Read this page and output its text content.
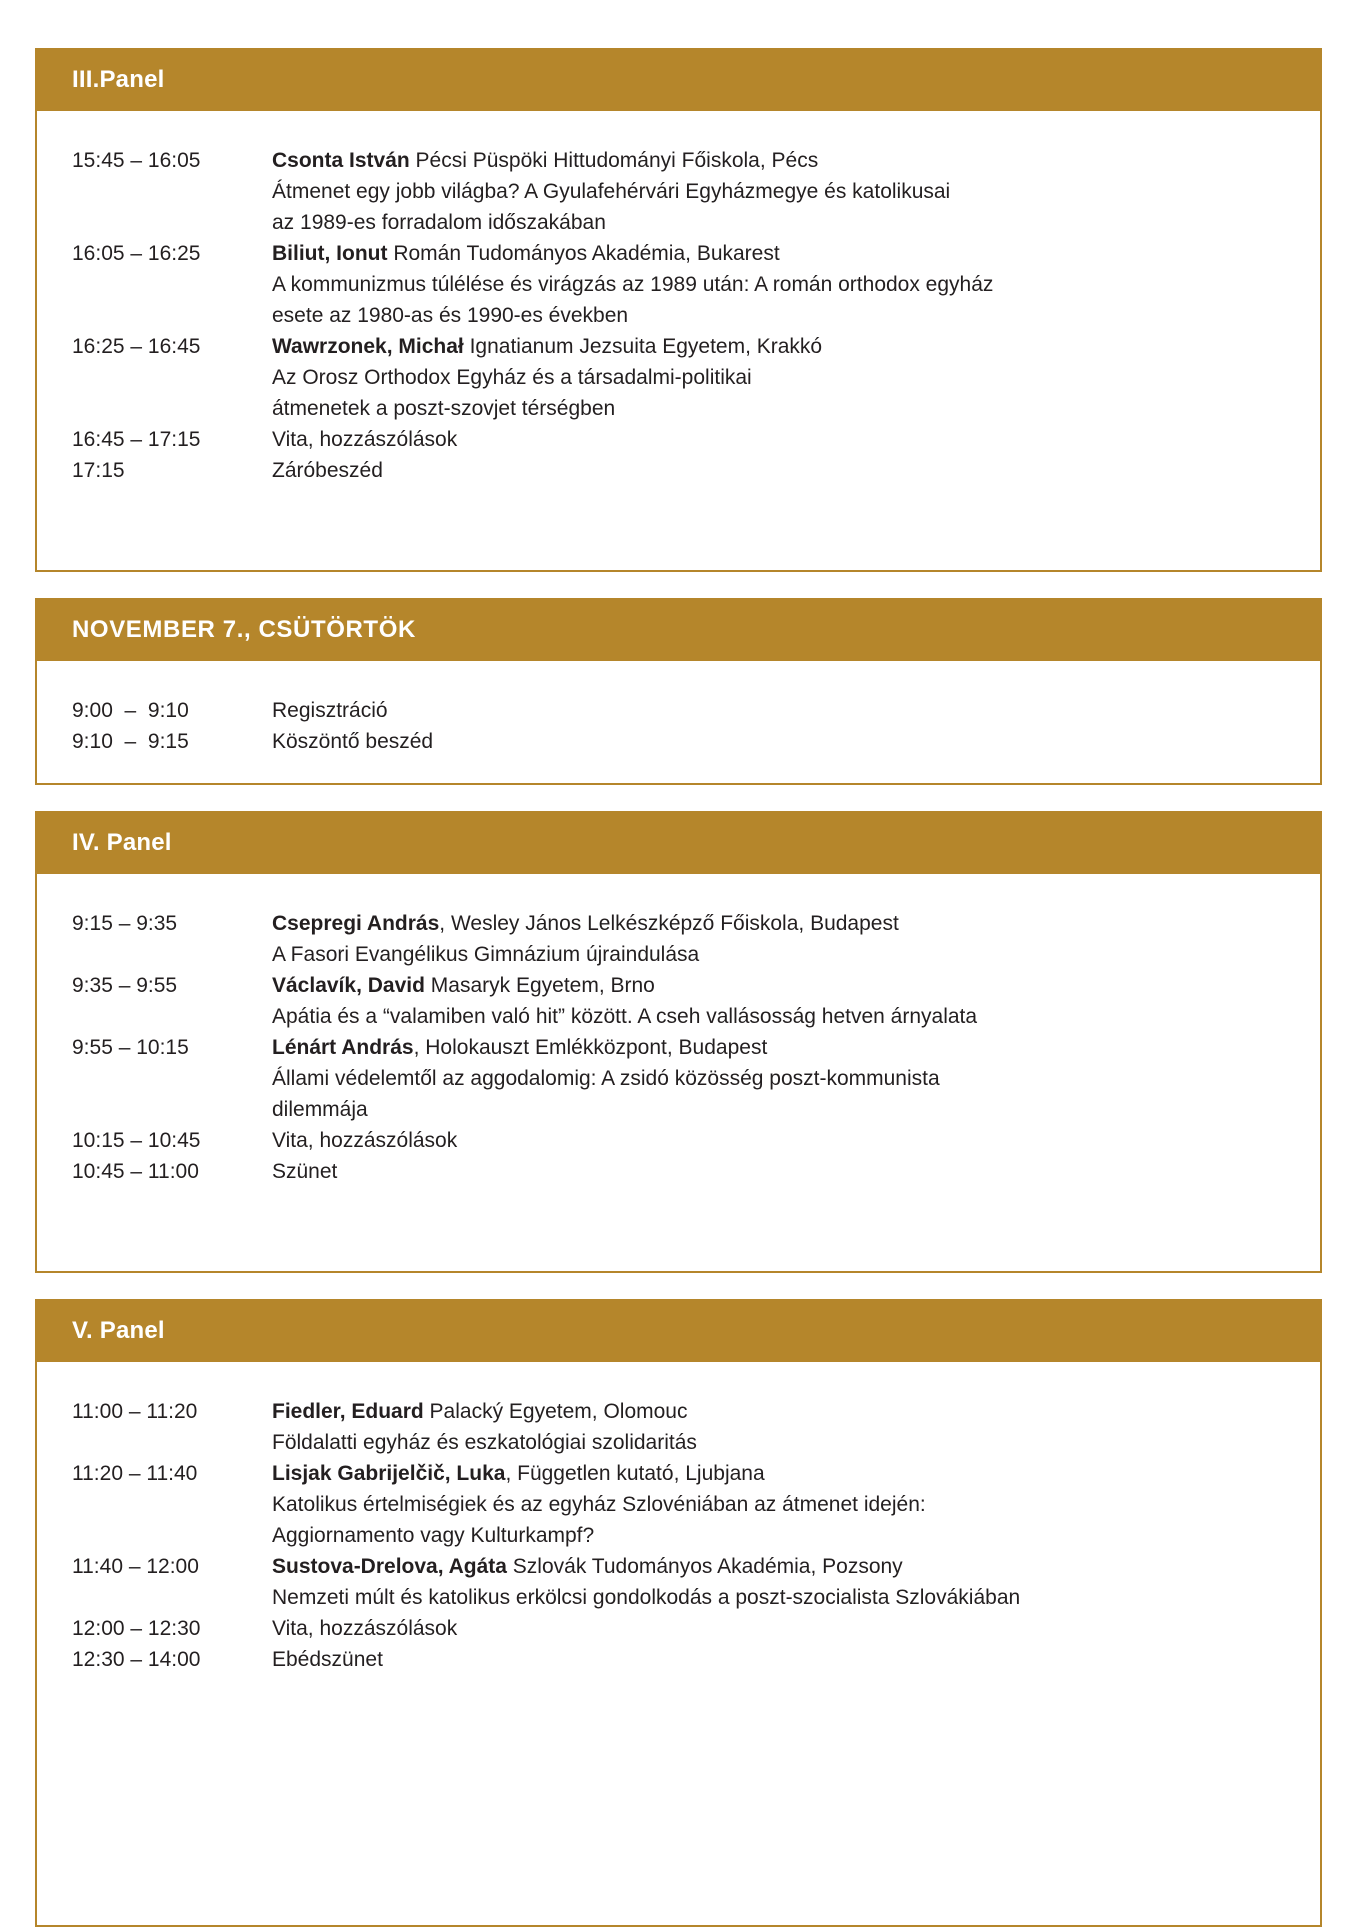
III.Panel
15:45 – 16:05	Csonta István Pécsi Püspöki Hittudományi Főiskola, Pécs
Átmenet egy jobb világba? A Gyulafehérvári Egyházmegye és katolikusai
az 1989-es forradalom időszakában
16:05 – 16:25	Biliut, Ionut Román Tudományos Akadémia, Bukarest
A kommunizmus túlélése és virágzás az 1989 után: A román orthodox egyház
esete az 1980-as és 1990-es években
16:25 – 16:45	Wawrzonek, Michał Ignatianum Jezsuita Egyetem, Krakkó
Az Orosz Orthodox Egyház és a társadalmi-politikai
átmenetek a poszt-szovjet térségben
16:45 – 17:15	Vita, hozzászólások
17:15	Záróbeszéd
NOVEMBER 7., CSÜTÖRTÖK
9:00  –  9:10	Regisztráció
9:10  –  9:15	Köszöntő beszéd
IV. Panel
9:15 – 9:35	Csepregi András, Wesley János Lelkészképző Főiskola, Budapest
A Fasori Evangélikus Gimnázium újraindulása
9:35 – 9:55	Václavík, David Masaryk Egyetem, Brno
Apátia és a “valamiben való hit” között. A cseh vallásosság hetven árnyalata
9:55 – 10:15	Lénárt András, Holokauszt Emlékközpont, Budapest
Állami védelemtől az aggodalomig: A zsidó közösség poszt-kommunista
dilemmája
10:15 – 10:45	Vita, hozzászólások
10:45 – 11:00	Szünet
V. Panel
11:00 – 11:20	Fiedler, Eduard Palacký Egyetem, Olomouc
Földalatti egyház és eszkatológiai szolidaritás
11:20 – 11:40	Lisjak Gabrijelčič, Luka, Független kutató, Ljubjana
Katolikus értelmiségiek és az egyház Szlovéniában az átmenet idején:
Aggiornamento vagy Kulturkampf?
11:40 – 12:00	Sustova-Drelova, Agáta Szlovák Tudományos Akadémia, Pozsony
Nemzeti múlt és katolikus erkölcsi gondolkodás a poszt-szocialista Szlovákiában
12:00 – 12:30	Vita, hozzászólások
12:30 – 14:00	Ebédszünet
